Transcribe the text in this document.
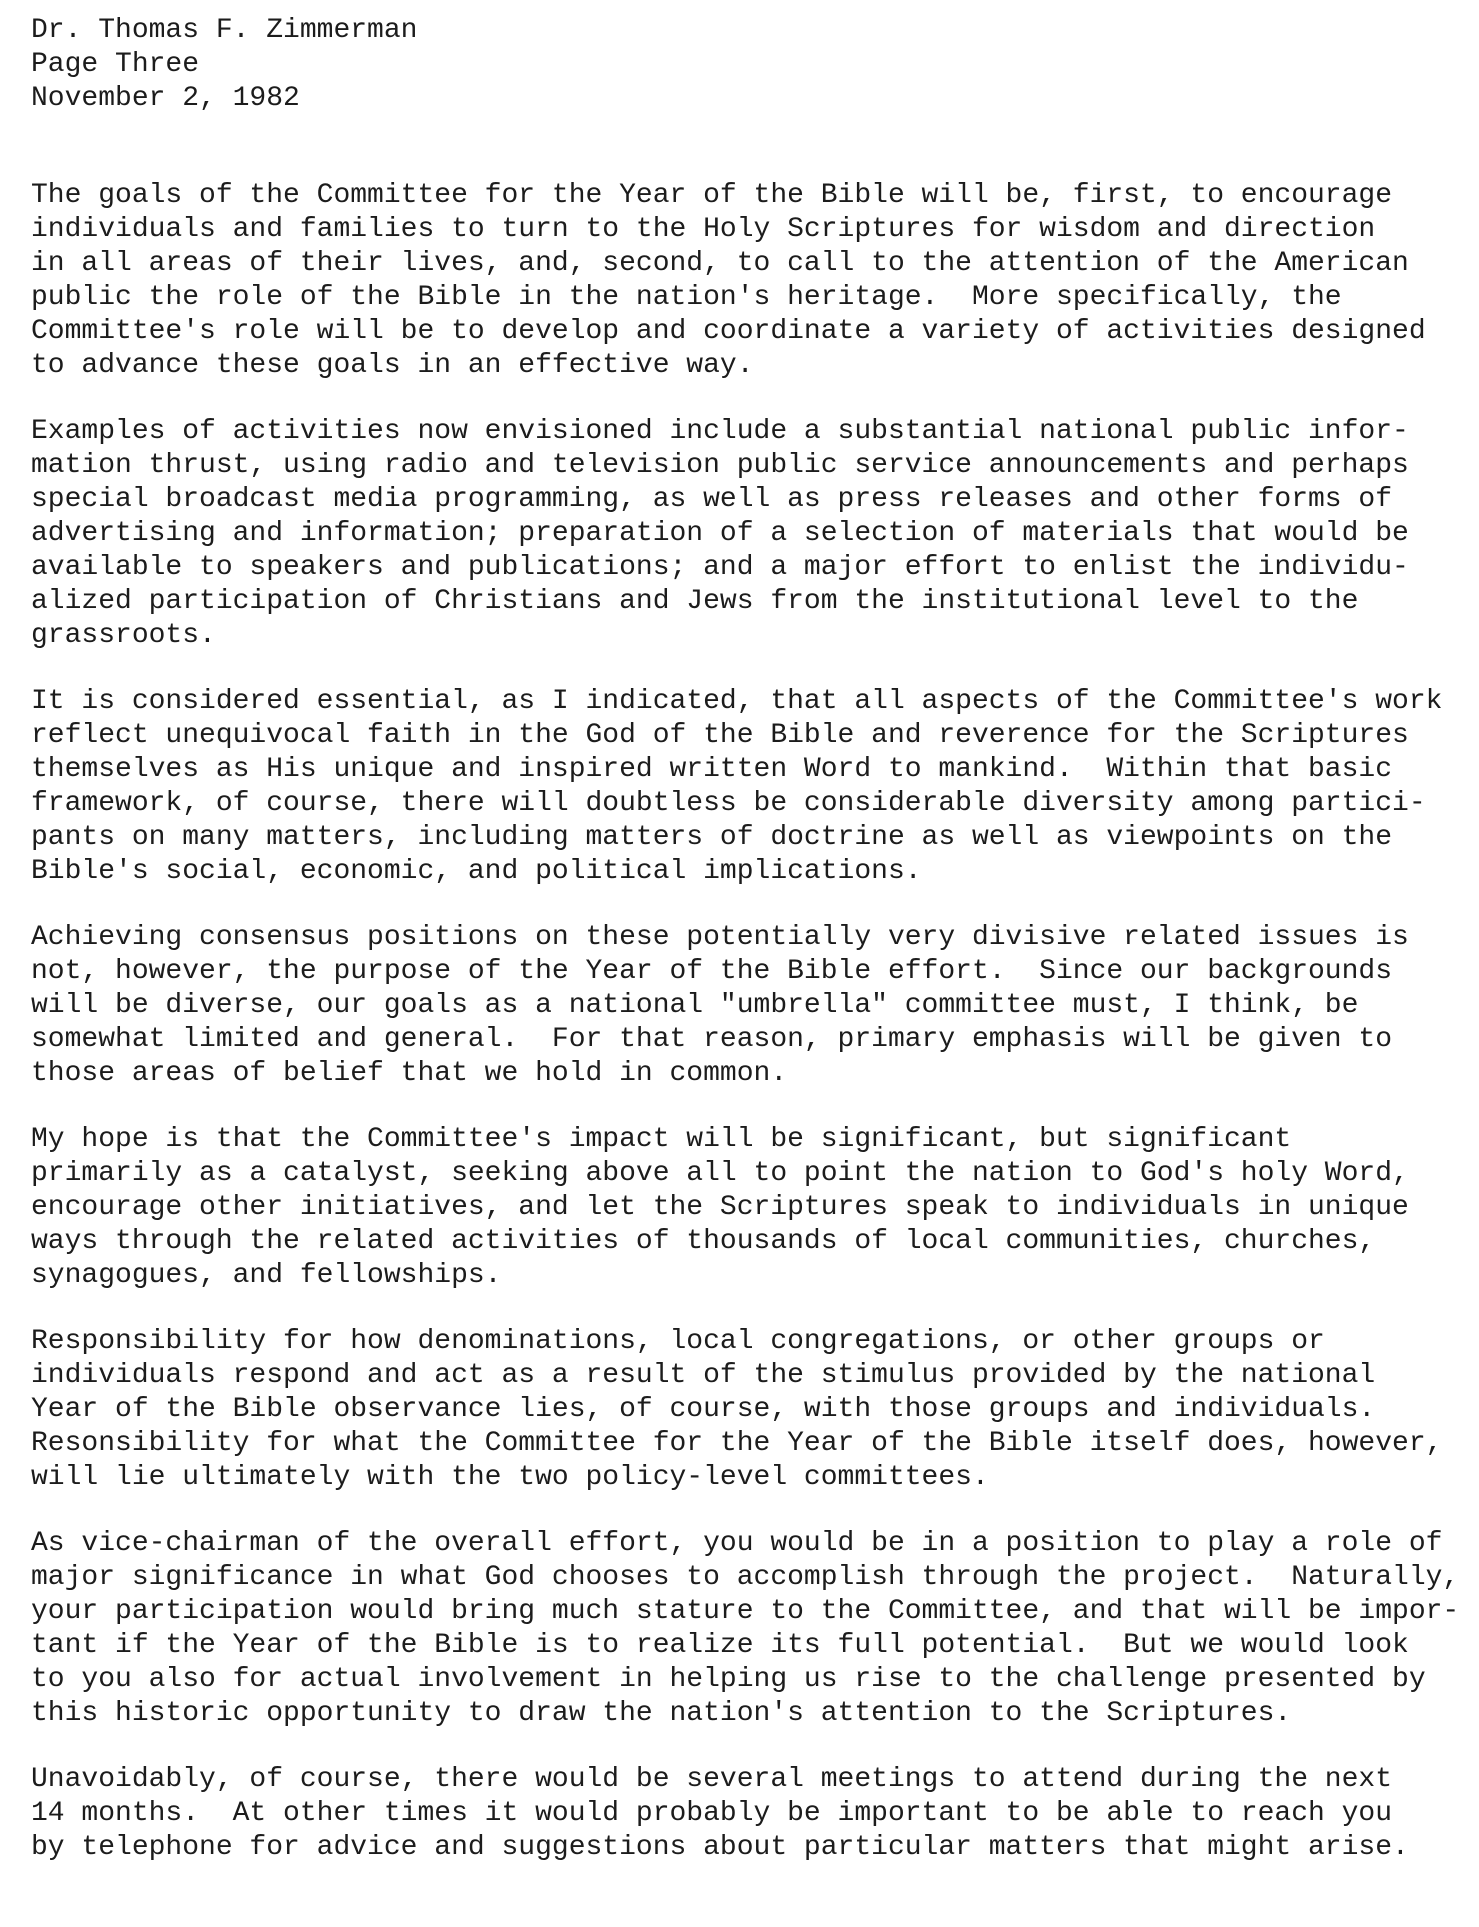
Dr. Thomas F. Zimmerman
Page Three
November 2, 1982
The goals of the Committee for the Year of the Bible will be, first, to encourage
individuals and families to turn to the Holy Scriptures for wisdom and direction
in all areas of their lives, and, second, to call to the attention of the American
public the role of the Bible in the nation's heritage.  More specifically, the
Committee's role will be to develop and coordinate a variety of activities designed
to advance these goals in an effective way.
Examples of activities now envisioned include a substantial national public infor-
mation thrust, using radio and television public service announcements and perhaps
special broadcast media programming, as well as press releases and other forms of
advertising and information; preparation of a selection of materials that would be
available to speakers and publications; and a major effort to enlist the individu-
alized participation of Christians and Jews from the institutional level to the
grassroots.
It is considered essential, as I indicated, that all aspects of the Committee's work
reflect unequivocal faith in the God of the Bible and reverence for the Scriptures
themselves as His unique and inspired written Word to mankind.  Within that basic
framework, of course, there will doubtless be considerable diversity among partici-
pants on many matters, including matters of doctrine as well as viewpoints on the
Bible's social, economic, and political implications.
Achieving consensus positions on these potentially very divisive related issues is
not, however, the purpose of the Year of the Bible effort.  Since our backgrounds
will be diverse, our goals as a national "umbrella" committee must, I think, be
somewhat limited and general.  For that reason, primary emphasis will be given to
those areas of belief that we hold in common.
My hope is that the Committee's impact will be significant, but significant
primarily as a catalyst, seeking above all to point the nation to God's holy Word,
encourage other initiatives, and let the Scriptures speak to individuals in unique
ways through the related activities of thousands of local communities, churches,
synagogues, and fellowships.
Responsibility for how denominations, local congregations, or other groups or
individuals respond and act as a result of the stimulus provided by the national
Year of the Bible observance lies, of course, with those groups and individuals.
Resonsibility for what the Committee for the Year of the Bible itself does, however,
will lie ultimately with the two policy-level committees.
As vice-chairman of the overall effort, you would be in a position to play a role of
major significance in what God chooses to accomplish through the project.  Naturally,
your participation would bring much stature to the Committee, and that will be impor-
tant if the Year of the Bible is to realize its full potential.  But we would look
to you also for actual involvement in helping us rise to the challenge presented by
this historic opportunity to draw the nation's attention to the Scriptures.
Unavoidably, of course, there would be several meetings to attend during the next
14 months.  At other times it would probably be important to be able to reach you
by telephone for advice and suggestions about particular matters that might arise.
